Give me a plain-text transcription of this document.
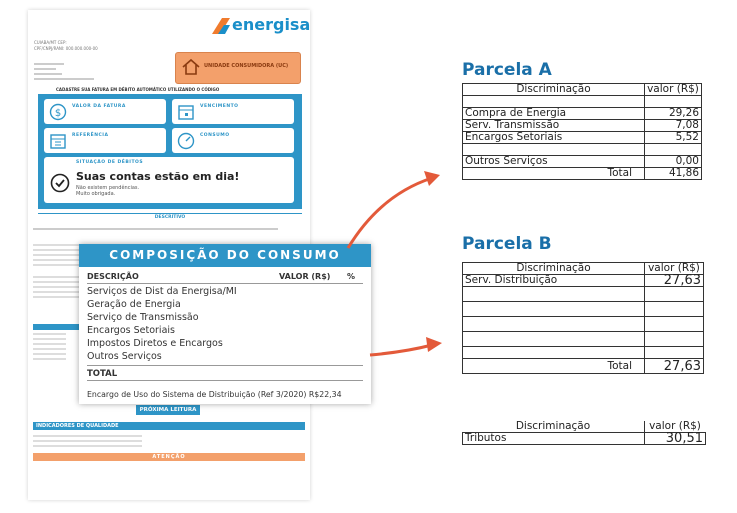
CUIABA/MT CEP:
CPF/CNPJ/RANI: 000.000.000-00
energisa
UNIDADE CONSUMIDORA (UC)
CADASTRE SUA FATURA EM DÉBITO AUTOMÁTICO UTILIZANDO O CÓDIGO
$
VALOR DA FATURA	VENCIMENTO
REFERÊNCIA	CONSUMO
SITUAÇÃO DE DÉBITOS
Suas contas estão em dia!
Não existem pendências.
Muito obrigada.
DESCRITIVO
PRÓXIMA LEITURA
INDICADORES DE QUALIDADE
ATENÇÃO
COMPOSIÇÃO DO CONSUMO
DESCRIÇÃO	VALOR (R$) %
Serviços de Dist da Energisa/MI
Geração de Energia
Serviço de Transmissão
Encargos Setoriais
Impostos Diretos e Encargos
Outros Serviços
TOTAL
Encargo de Uso do Sistema de Distribuição (Ref 3/2020) R$22,34
Parcela A
Discriminação	valor (R$)

Compra de Energia	29,26
Serv. Transmissão	7,08
Encargos Setoriais	5,52

Outros Serviços	0,00
Total	41,86
Parcela B
Discriminação	valor (R$)
Serv. Distribuição	27,63

Total	27,63
Discriminação	valor (R$)
Tributos	30,51
